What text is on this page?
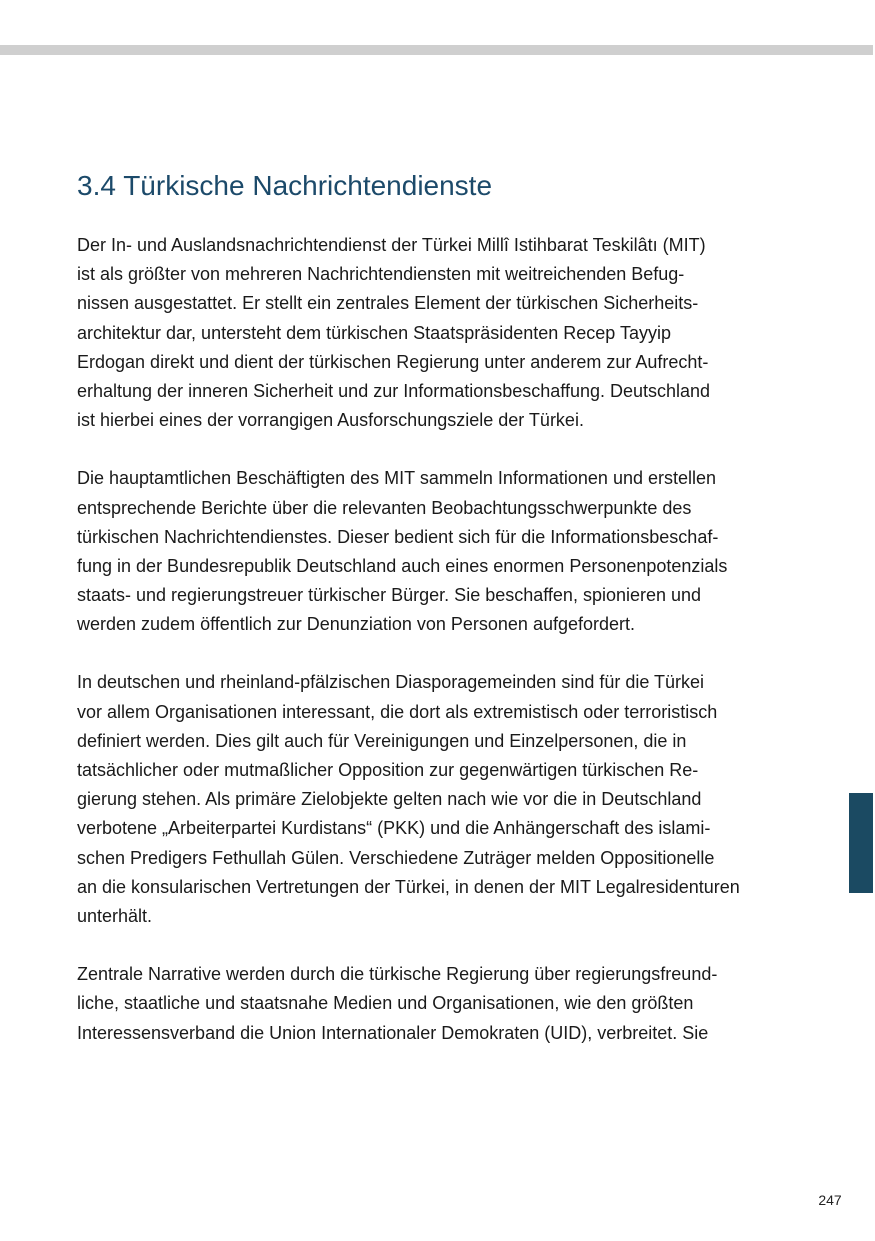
3.4 Türkische Nachrichtendienste

Der In- und Auslandsnachrichtendienst der Türkei Millî Istihbarat Teskilâtı (MIT)
ist als größter von mehreren Nachrichtendiensten mit weitreichenden Befug-
nissen ausgestattet. Er stellt ein zentrales Element der türkischen Sicherheits-
architektur dar, untersteht dem türkischen Staatspräsidenten Recep Tayyip
Erdogan direkt und dient der türkischen Regierung unter anderem zur Aufrecht-
erhaltung der inneren Sicherheit und zur Informationsbeschaffung. Deutschland
ist hierbei eines der vorrangigen Ausforschungsziele der Türkei.

Die hauptamtlichen Beschäftigten des MIT sammeln Informationen und erstellen
entsprechende Berichte über die relevanten Beobachtungsschwerpunkte des
türkischen Nachrichtendienstes. Dieser bedient sich für die Informationsbeschaf-
fung in der Bundesrepublik Deutschland auch eines enormen Personenpotenzials
staats- und regierungstreuer türkischer Bürger. Sie beschaffen, spionieren und
werden zudem öffentlich zur Denunziation von Personen aufgefordert.

In deutschen und rheinland-pfälzischen Diasporagemeinden sind für die Türkei
vor allem Organisationen interessant, die dort als extremistisch oder terroristisch
definiert werden. Dies gilt auch für Vereinigungen und Einzelpersonen, die in
tatsächlicher oder mutmaßlicher Opposition zur gegenwärtigen türkischen Re-
gierung stehen. Als primäre Zielobjekte gelten nach wie vor die in Deutschland
verbotene „Arbeiterpartei Kurdistans“ (PKK) und die Anhängerschaft des islami-
schen Predigers Fethullah Gülen. Verschiedene Zuträger melden Oppositionelle
an die konsularischen Vertretungen der Türkei, in denen der MIT Legalresidenturen
unterhält.

Zentrale Narrative werden durch die türkische Regierung über regierungsfreund-
liche, staatliche und staatsnahe Medien und Organisationen, wie den größten
Interessensverband die Union Internationaler Demokraten (UID), verbreitet. Sie

247
